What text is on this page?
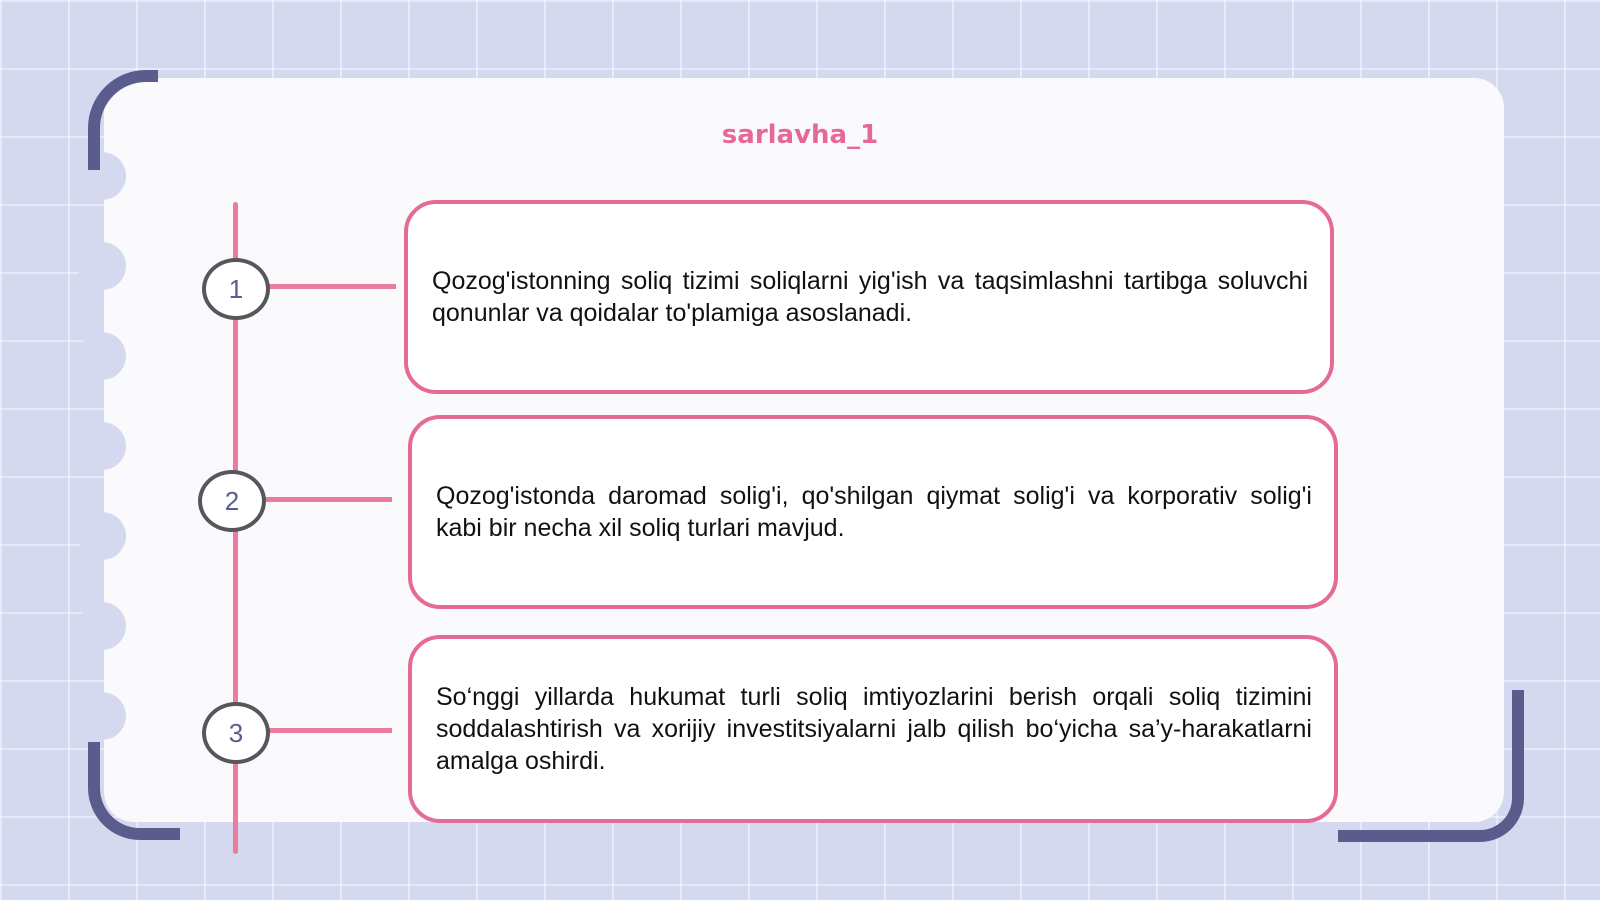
sarlavha_1
1	Qozog'istonning soliq tizimi soliqlarni yig'ish va taqsimlashni tartibga soluvchi qonunlar va qoidalar to'plamiga asoslanadi.
2	Qozog'istonda daromad solig'i, qo'shilgan qiymat solig'i va korporativ solig'i kabi bir necha xil soliq turlari mavjud.
3
So‘nggi yillarda hukumat turli soliq imtiyozlarini berish orqali soliq tizimini soddalashtirish va xorijiy investitsiyalarni jalb qilish bo‘yicha sa’y-harakatlarni amalga oshirdi.
